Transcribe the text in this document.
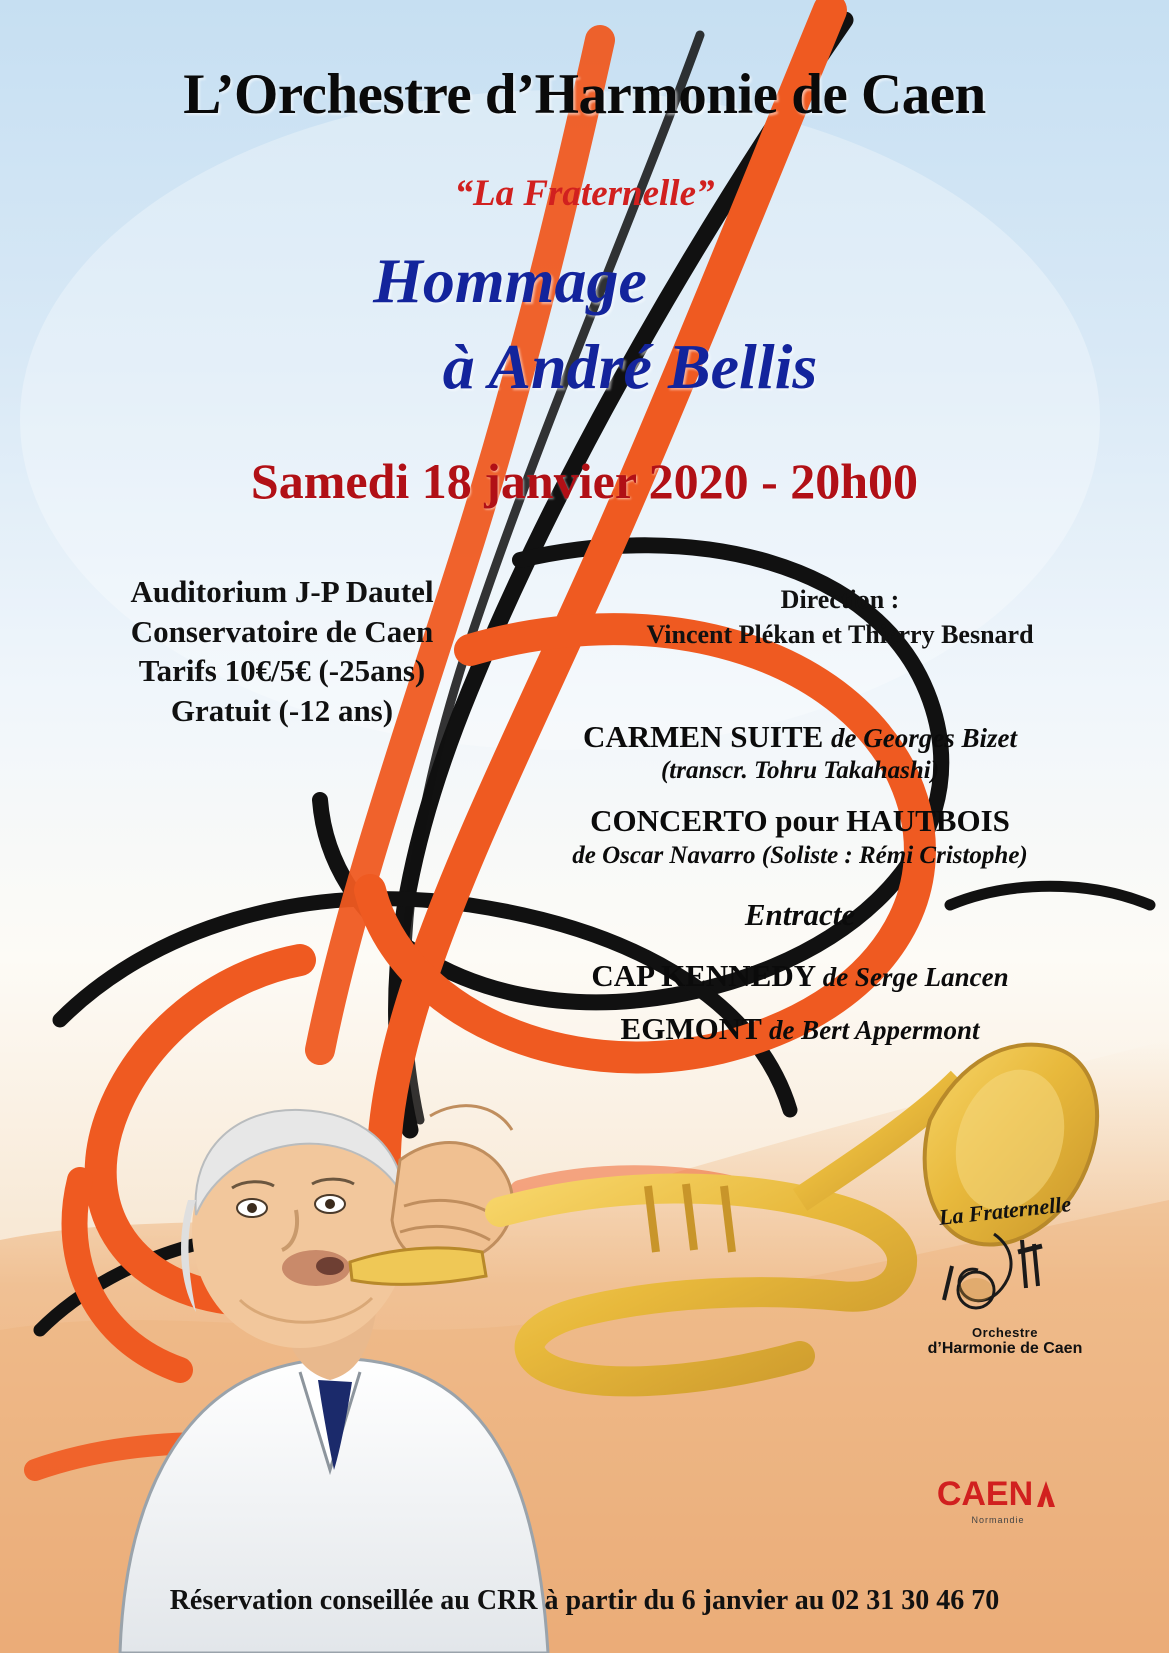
L’Orchestre d’Harmonie de Caen
“La Fraternelle”
Hommage
à André Bellis
Samedi 18 janvier 2020 - 20h00
Auditorium J-P Dautel
Conservatoire de Caen
Tarifs 10€/5€ (-25ans)
Gratuit (-12 ans)
Direction :
Vincent Plékan et Thierry Besnard
CARMEN SUITE de Georges Bizet
(transcr. Tohru Takahashi)
CONCERTO pour HAUTBOIS
de Oscar Navarro (Soliste : Rémi Cristophe)
Entracte
CAP KENNEDY de Serge Lancen
EGMONT de Bert Appermont
La Fraternelle
Orchestre
d’Harmonie de Caen
CAEN
Normandie
Réservation conseillée au CRR à partir du 6 janvier au 02 31 30 46 70
